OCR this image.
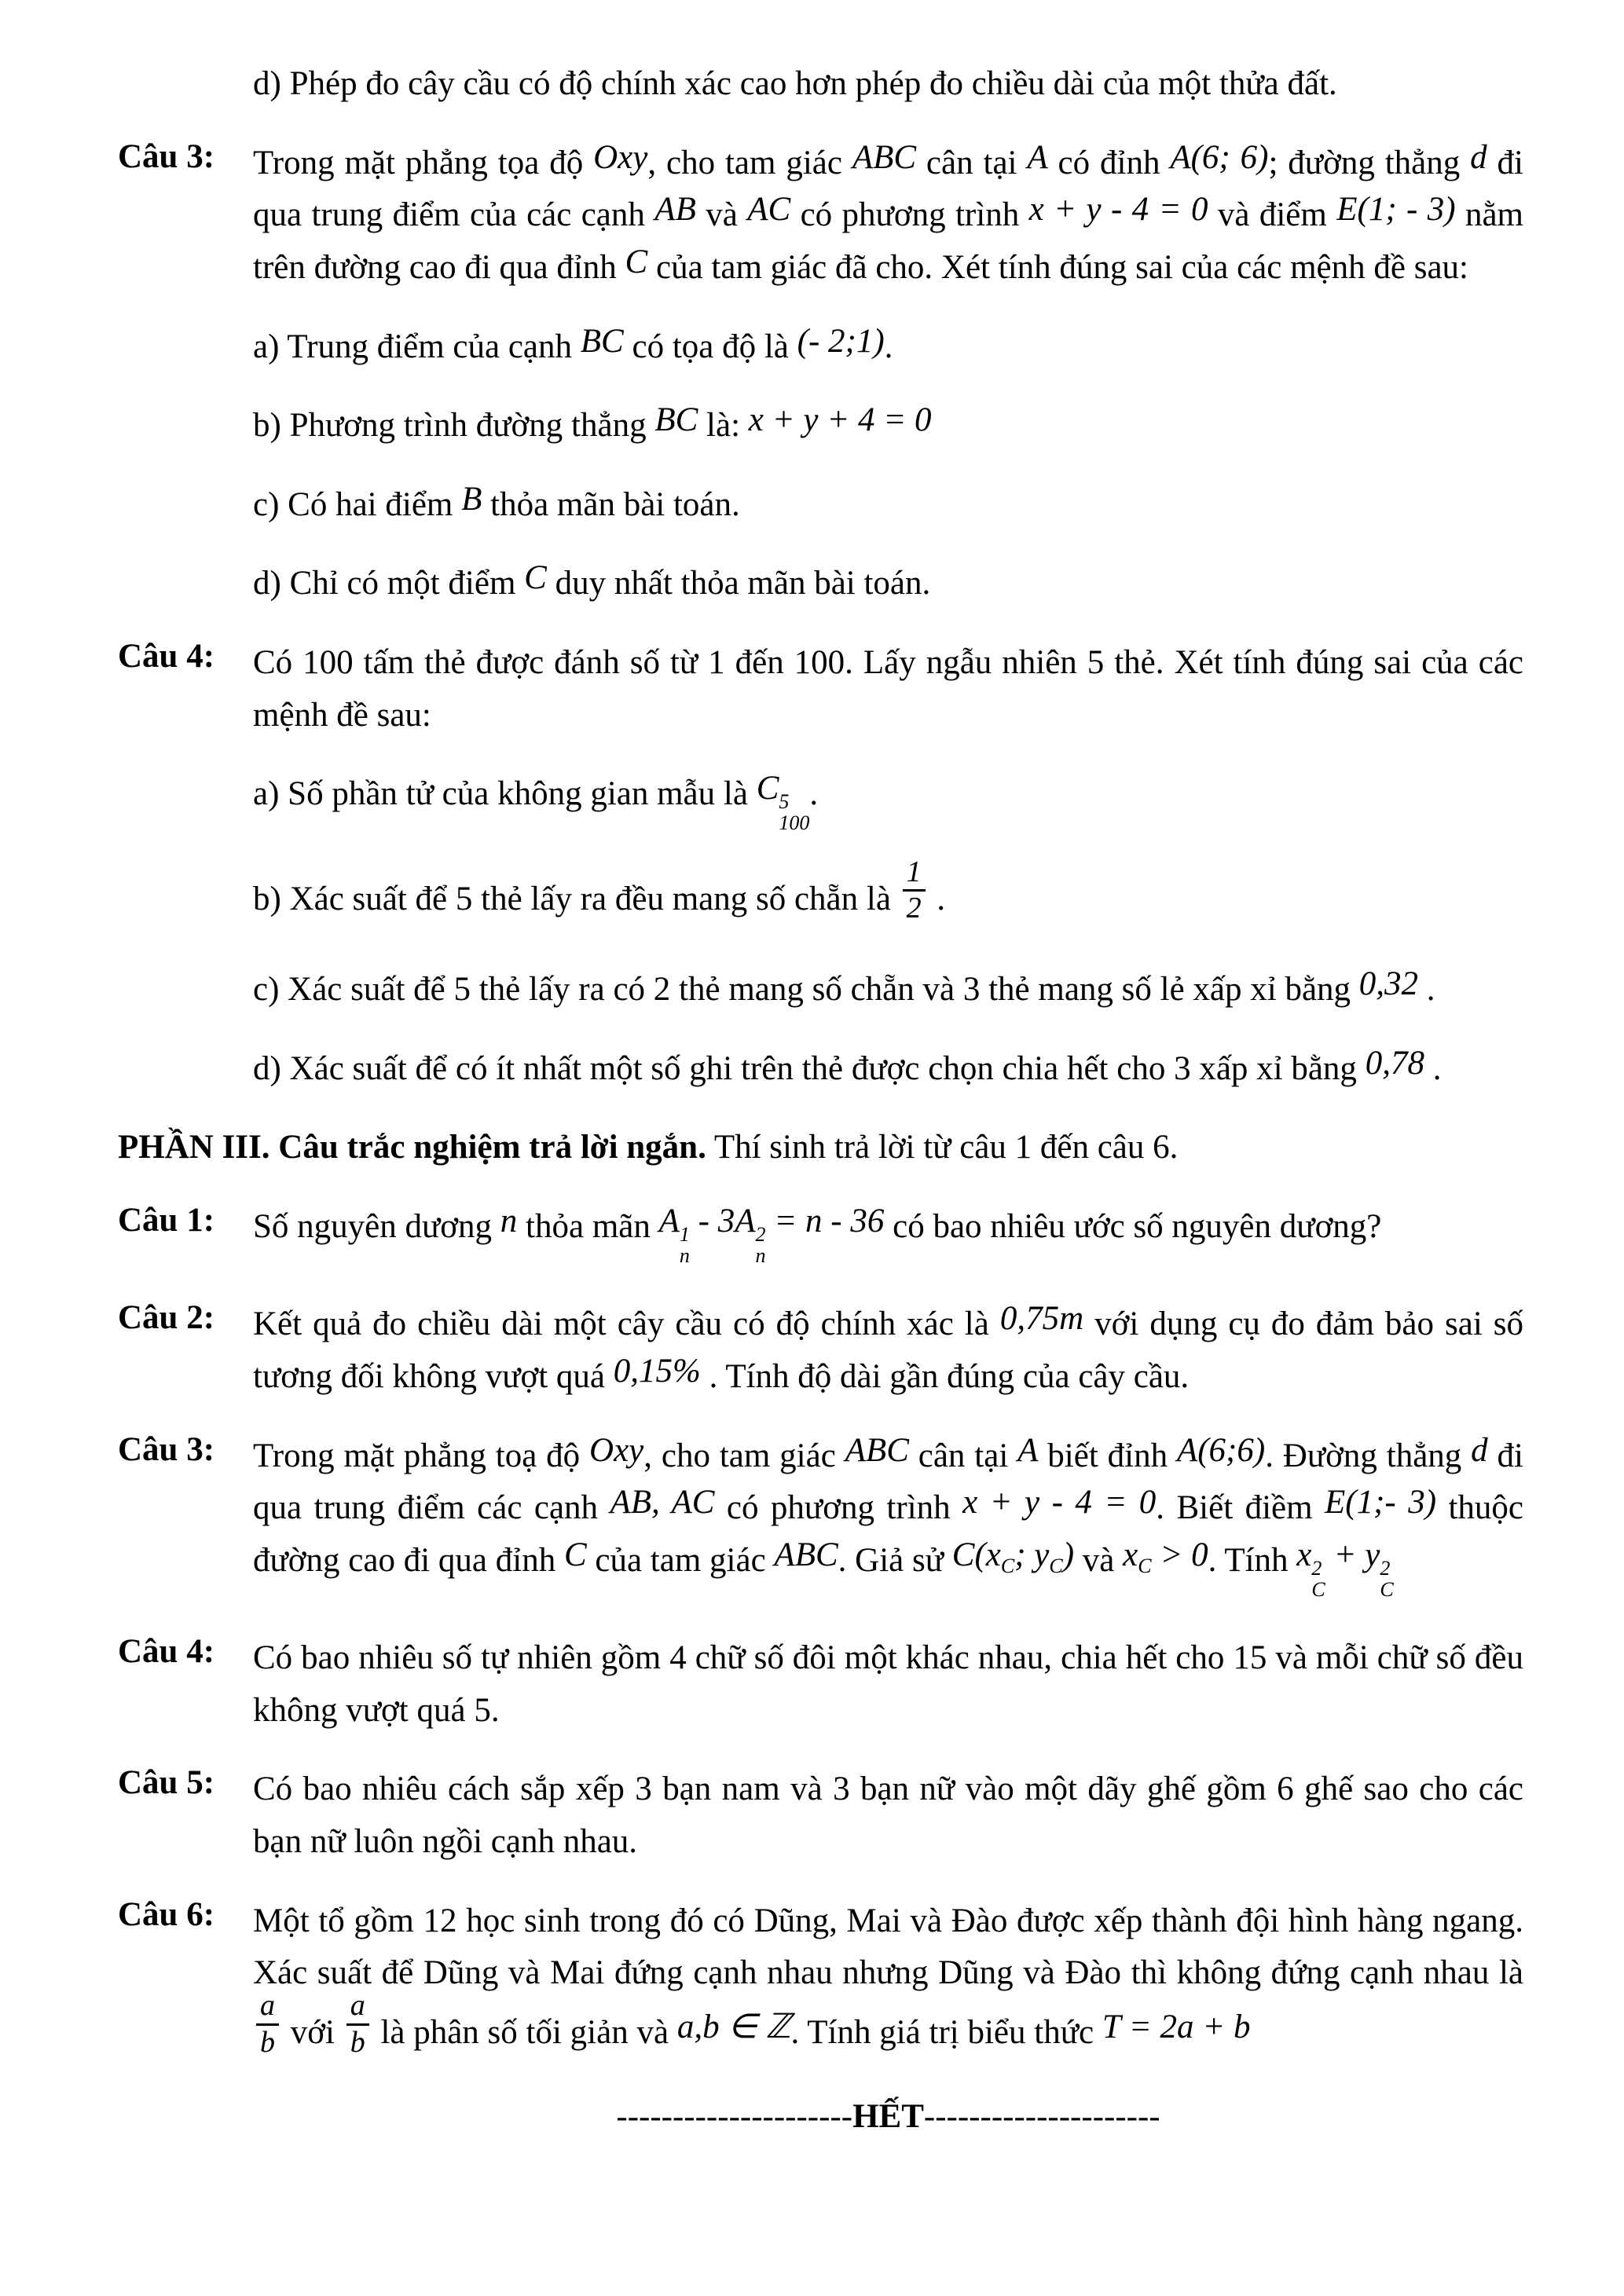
d) Phép đo cây cầu có độ chính xác cao hơn phép đo chiều dài của một thửa đất.
Câu 3: Trong mặt phẳng tọa độ Oxy, cho tam giác ABC cân tại A có đỉnh A(6; 6); đường thẳng d đi qua trung điểm của các cạnh AB và AC có phương trình x + y - 4 = 0 và điểm E(1; - 3) nằm trên đường cao đi qua đỉnh C của tam giác đã cho. Xét tính đúng sai của các mệnh đề sau:
a) Trung điểm của cạnh BC có tọa độ là (- 2;1).
b) Phương trình đường thẳng BC là: x + y + 4 = 0
c) Có hai điểm B thỏa mãn bài toán.
d) Chỉ có một điểm C duy nhất thỏa mãn bài toán.
Câu 4: Có 100 tấm thẻ được đánh số từ 1 đến 100. Lấy ngẫu nhiên 5 thẻ. Xét tính đúng sai của các mệnh đề sau:
a) Số phần tử của không gian mẫu là C 5
100
.
b) Xác suất để 5 thẻ lấy ra đều mang số chẵn là $\frac{1}{2}$ .
c) Xác suất để 5 thẻ lấy ra có 2 thẻ mang số chẵn và 3 thẻ mang số lẻ xấp xỉ bằng 0,32 .
d) Xác suất để có ít nhất một số ghi trên thẻ được chọn chia hết cho 3 xấp xỉ bằng 0,78 .
PHẦN III. Câu trắc nghiệm trả lời ngắn. Thí sinh trả lời từ câu 1 đến câu 6.
Câu 1: Số nguyên dương n thỏa mãn A 1
n
- 3A 2
n
= n - 36 có bao nhiêu ước số nguyên dương?
Câu 2: Kết quả đo chiều dài một cây cầu có độ chính xác là 0,75m với dụng cụ đo đảm bảo sai số tương đối không vượt quá 0,15% . Tính độ dài gần đúng của cây cầu.
Câu 3: Trong mặt phẳng toạ độ Oxy, cho tam giác ABC cân tại A biết đỉnh A(6;6). Đường thẳng d đi qua trung điểm các cạnh AB, AC có phương trình x + y - 4 = 0. Biết điềm E(1;- 3) thuộc đường cao đi qua đỉnh C của tam giác ABC. Giả sử $C(x_C$; $y_C$) và $x_C > 0$. Tính x 2
C
+ y 2
C
Câu 4: Có bao nhiêu số tự nhiên gồm 4 chữ số đôi một khác nhau, chia hết cho 15 và mỗi chữ số đều không vượt quá 5.
Câu 5: Có bao nhiêu cách sắp xếp 3 bạn nam và 3 bạn nữ vào một dãy ghế gồm 6 ghế sao cho các bạn nữ luôn ngồi cạnh nhau.
Câu 6: Một tổ gồm 12 học sinh trong đó có Dũng, Mai và Đào được xếp thành đội hình hàng ngang. Xác suất để Dũng và Mai đứng cạnh nhau nhưng Dũng và Đào thì không đứng cạnh nhau là
$\frac{a}{b}$ với $\frac{a}{b}$ là phân số tối giản và a,b ∈ ℤ. Tính giá trị biểu thức T = 2a + b
---------------------HẾT---------------------
